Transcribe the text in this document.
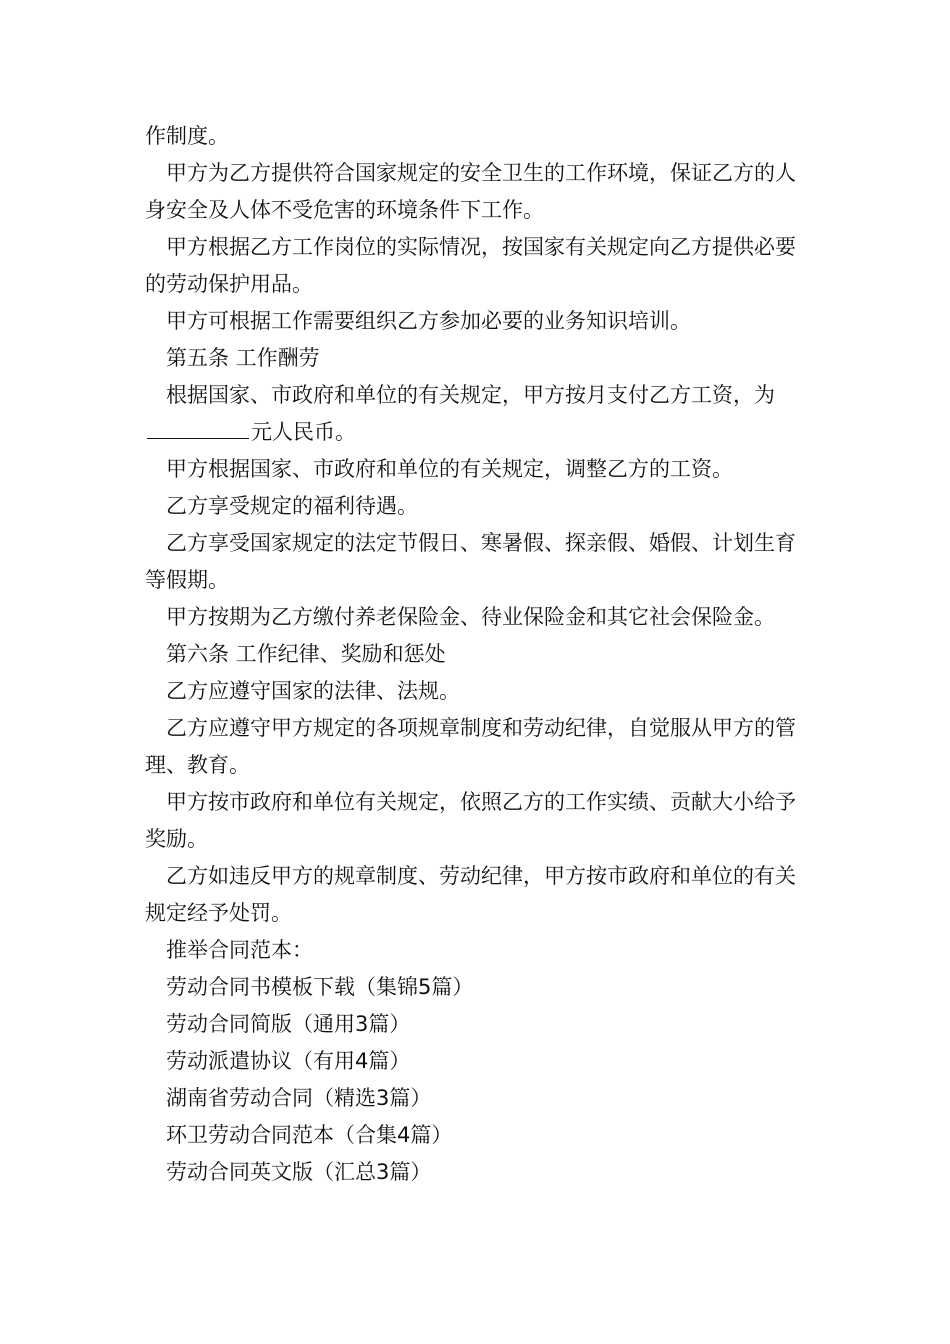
作制度。

甲方为乙方提供符合国家规定的安全卫生的工作环境，保证乙方的人身安全及人体不受危害的环境条件下工作。

甲方根据乙方工作岗位的实际情况，按国家有关规定向乙方提供必要的劳动保护用品。

甲方可根据工作需要组织乙方参加必要的业务知识培训。

第五条 工作酬劳

根据国家、市政府和单位的有关规定，甲方按月支付乙方工资，为元人民币。

甲方根据国家、市政府和单位的有关规定，调整乙方的工资。

乙方享受规定的福利待遇。

乙方享受国家规定的法定节假日、寒暑假、探亲假、婚假、计划生育等假期。

甲方按期为乙方缴付养老保险金、待业保险金和其它社会保险金。

第六条 工作纪律、奖励和惩处

乙方应遵守国家的法律、法规。

乙方应遵守甲方规定的各项规章制度和劳动纪律，自觉服从甲方的管理、教育。

甲方按市政府和单位有关规定，依照乙方的工作实绩、贡献大小给予奖励。

乙方如违反甲方的规章制度、劳动纪律，甲方按市政府和单位的有关规定经予处罚。

推举合同范本：

劳动合同书模板下载（集锦5篇）
劳动合同简版（通用3篇）
劳动派遣协议（有用4篇）
湖南省劳动合同（精选3篇）
环卫劳动合同范本（合集4篇）
劳动合同英文版（汇总3篇）
